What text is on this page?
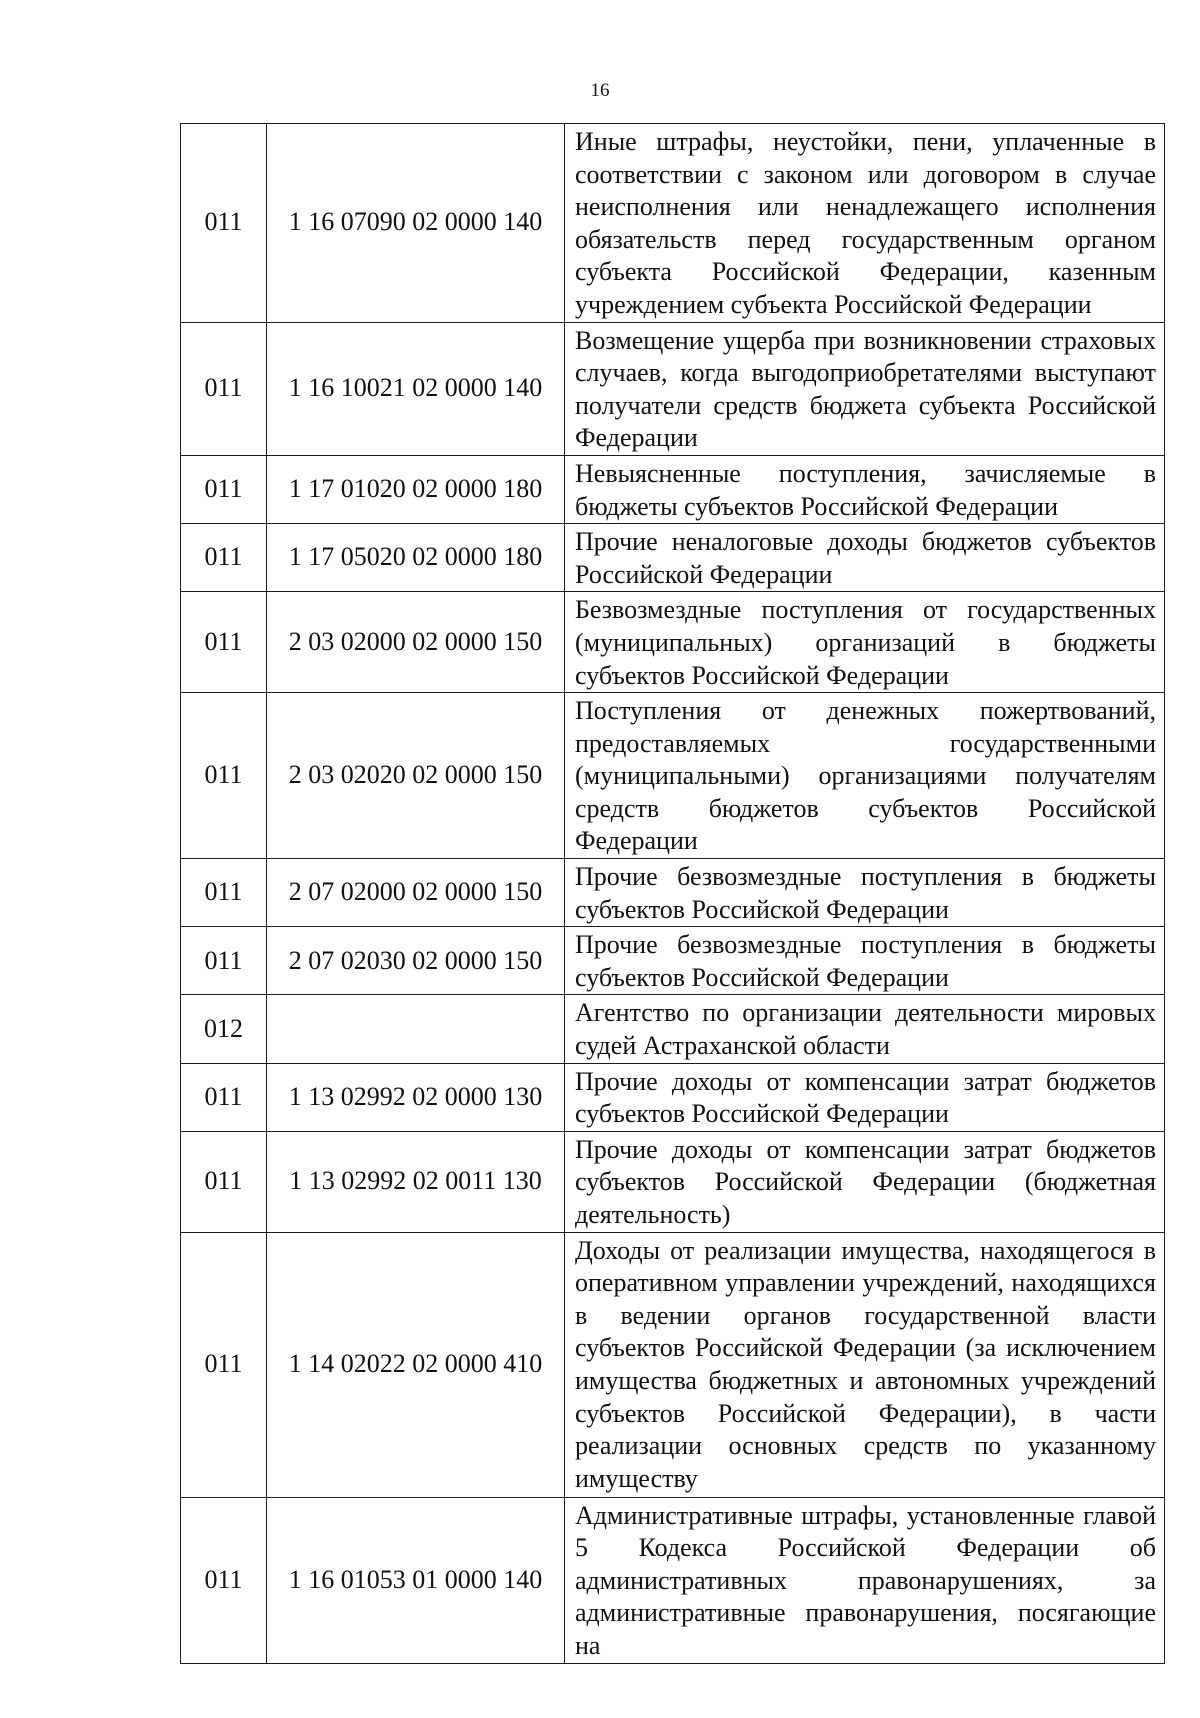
16
011	1 16 07090 02 0000 140	Иные штрафы, неустойки, пени, уплаченные в соответствии с законом или договором в случае неисполнения или ненадлежащего исполнения обязательств перед государственным органом субъекта Российской Федерации, казенным учреждением субъекта Российской Федерации
011	1 16 10021 02 0000 140	Возмещение ущерба при возникновении страховых случаев, когда выгодоприобретателями выступают получатели средств бюджета субъекта Российской Федерации
011	1 17 01020 02 0000 180	Невыясненные поступления, зачисляемые в бюджеты субъектов Российской Федерации
011	1 17 05020 02 0000 180	Прочие неналоговые доходы бюджетов субъектов Российской Федерации
011	2 03 02000 02 0000 150	Безвозмездные поступления от государственных (муниципальных) организаций в бюджеты субъектов Российской Федерации
011	2 03 02020 02 0000 150	Поступления от денежных пожертвований, предоставляемых государственными (муниципальными) организациями получателям средств бюджетов субъектов Российской Федерации
011	2 07 02000 02 0000 150	Прочие безвозмездные поступления в бюджеты субъектов Российской Федерации
011	2 07 02030 02 0000 150	Прочие безвозмездные поступления в бюджеты субъектов Российской Федерации
012		Агентство по организации деятельности мировых судей Астраханской области
011	1 13 02992 02 0000 130	Прочие доходы от компенсации затрат бюджетов субъектов Российской Федерации
011	1 13 02992 02 0011 130	Прочие доходы от компенсации затрат бюджетов субъектов Российской Федерации (бюджетная деятельность)
011	1 14 02022 02 0000 410	Доходы от реализации имущества, находящегося в оперативном управлении учреждений, находящихся в ведении органов государственной власти субъектов Российской Федерации (за исключением имущества бюджетных и автономных учреждений субъектов Российской Федерации), в части реализации основных средств по указанному имуществу
011	1 16 01053 01 0000 140	Административные штрафы, установленные главой 5 Кодекса Российской Федерации об административных правонарушениях, за административные правонарушения, посягающие на
